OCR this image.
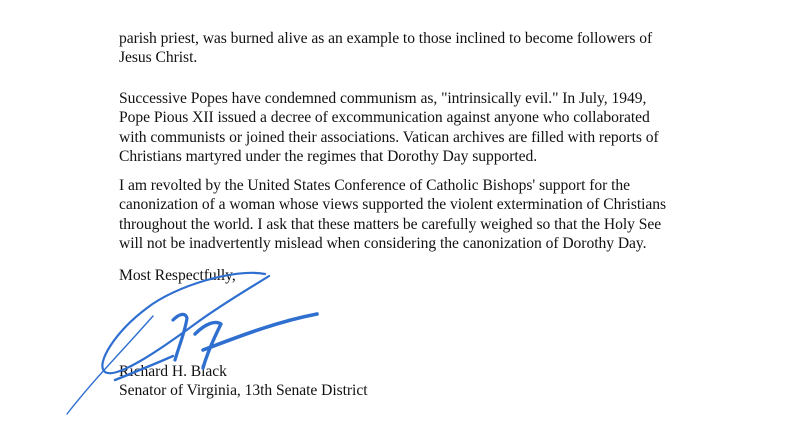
parish priest, was burned alive as an example to those inclined to become followers of
Jesus Christ.

Successive Popes have condemned communism as, "intrinsically evil." In July, 1949,
Pope Pious XII issued a decree of excommunication against anyone who collaborated
with communists or joined their associations. Vatican archives are filled with reports of
Christians martyred under the regimes that Dorothy Day supported.

I am revolted by the United States Conference of Catholic Bishops' support for the
canonization of a woman whose views supported the violent extermination of Christians
throughout the world. I ask that these matters be carefully weighed so that the Holy See
will not be inadvertently mislead when considering the canonization of Dorothy Day.

Most Respectfully,

Richard H. Black
Senator of Virginia, 13th Senate District
